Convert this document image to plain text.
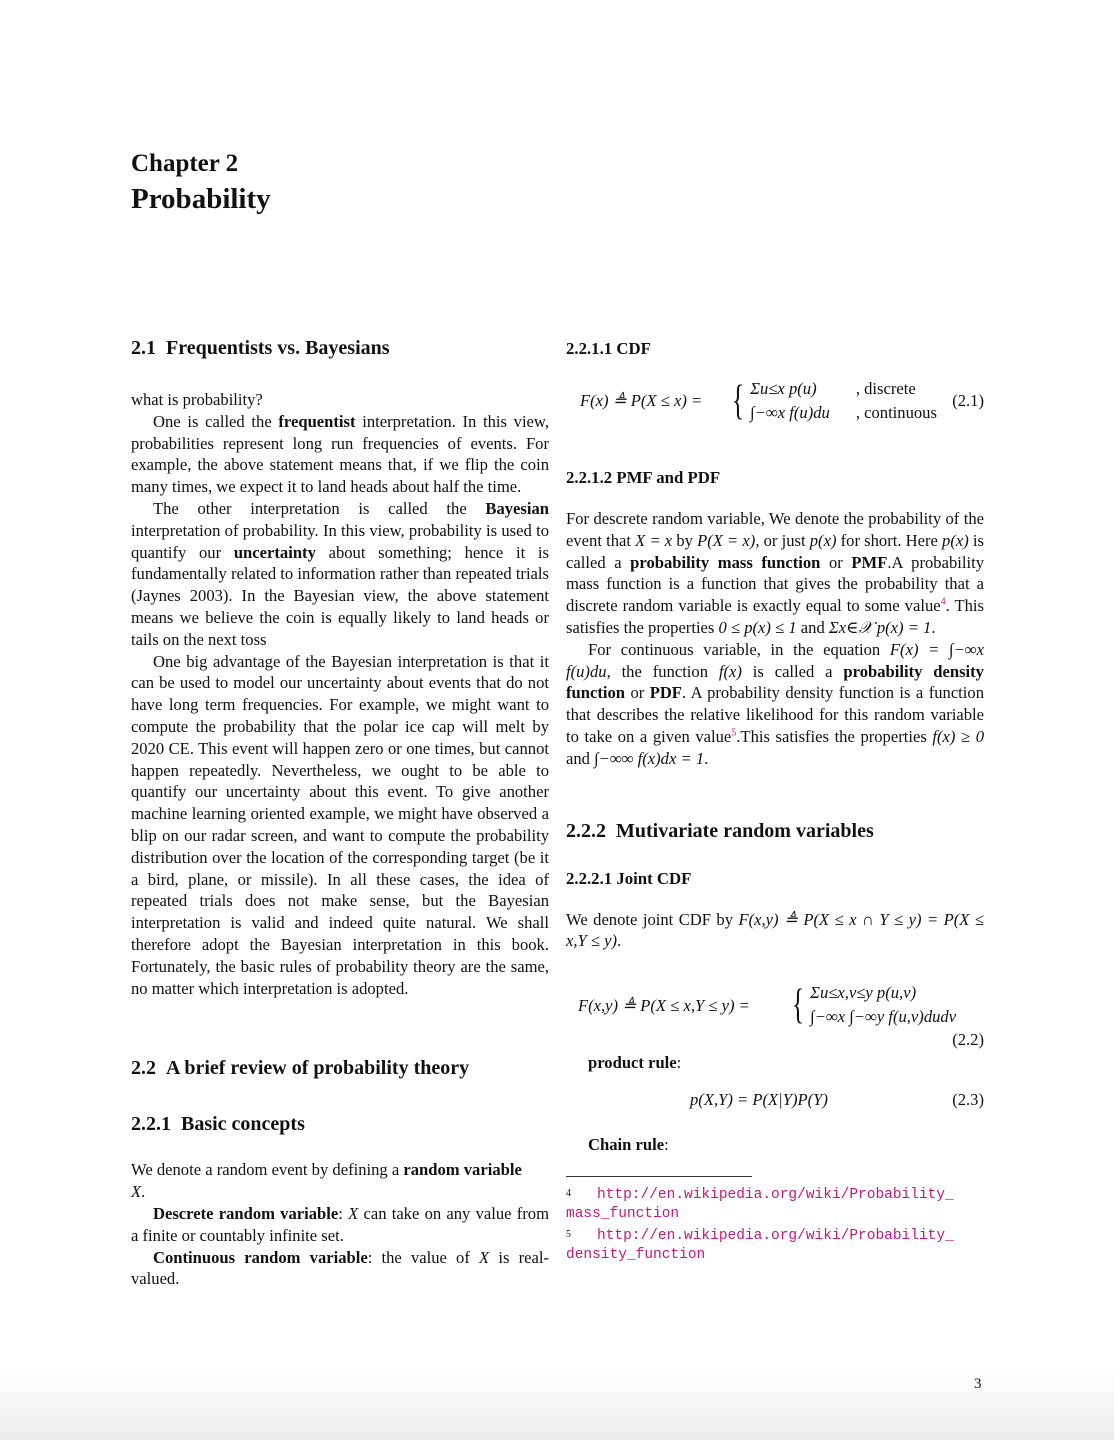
Chapter 2
Probability
2.1 Frequentists vs. Bayesians

what is probability?

One is called the frequentist interpretation. In this view, probabilities represent long run frequencies of events. For example, the above statement means that, if we flip the coin many times, we expect it to land heads about half the time.

The other interpretation is called the Bayesian interpretation of probability. In this view, probability is used to quantify our uncertainty about something; hence it is fundamentally related to information rather than repeated trials (Jaynes 2003). In the Bayesian view, the above statement means we believe the coin is equally likely to land heads or tails on the next toss

One big advantage of the Bayesian interpretation is that it can be used to model our uncertainty about events that do not have long term frequencies. For example, we might want to compute the probability that the polar ice cap will melt by 2020 CE. This event will happen zero or one times, but cannot happen repeatedly. Nevertheless, we ought to be able to quantify our uncertainty about this event. To give another machine learning oriented example, we might have observed a blip on our radar screen, and want to compute the probability distribution over the location of the corresponding target (be it a bird, plane, or missile). In all these cases, the idea of repeated trials does not make sense, but the Bayesian interpretation is valid and indeed quite natural. We shall therefore adopt the Bayesian interpretation in this book. Fortunately, the basic rules of probability theory are the same, no matter which interpretation is adopted.

2.2 A brief review of probability theory
2.2.1 Basic concepts

We denote a random event by defining a random variable
X.

Descrete random variable: X can take on any value from a finite or countably infinite set.

Continuous random variable: the value of X is real-valued.

2.2.1.1 CDF
F(x) ≜ P(X ≤ x) = { Σu≤x p(u)	, discrete
∫−∞x f(u)du , continuous
(2.1)
2.2.1.2 PMF and PDF

For descrete random variable, We denote the probability of the event that X = x by P(X = x), or just p(x) for short. Here p(x) is called a probability mass function or PMF.A probability mass function is a function that gives the probability that a discrete random variable is exactly equal to some value$^4$. This satisfies the properties 0 ≤ p(x) ≤ 1 and Σx∈𝒳 p(x) = 1.

For continuous variable, in the equation F(x) = ∫−∞x f(u)du, the function f(x) is called a probability density function or PDF. A probability density function is a function that describes the relative likelihood for this random variable to take on a given value$^5$.This satisfies the properties f(x) ≥ 0 and ∫−∞∞ f(x)dx = 1.

2.2.2 Mutivariate random variables
2.2.2.1 Joint CDF

We denote joint CDF by F(x,y) ≜ P(X ≤ x ∩ Y ≤ y) = P(X ≤ x,Y ≤ y).

F(x,y) ≜ P(X ≤ x,Y ≤ y) = { Σu≤x,v≤y p(u,v)
∫−∞x ∫−∞y f(u,v)dudv
(2.2)
product rule:
p(X,Y) = P(X|Y)P(Y)	(2.3)
Chain rule:
$^4$ http://en.wikipedia.org/wiki/Probability_
mass_function
$^5$ http://en.wikipedia.org/wiki/Probability_
density_function
3
